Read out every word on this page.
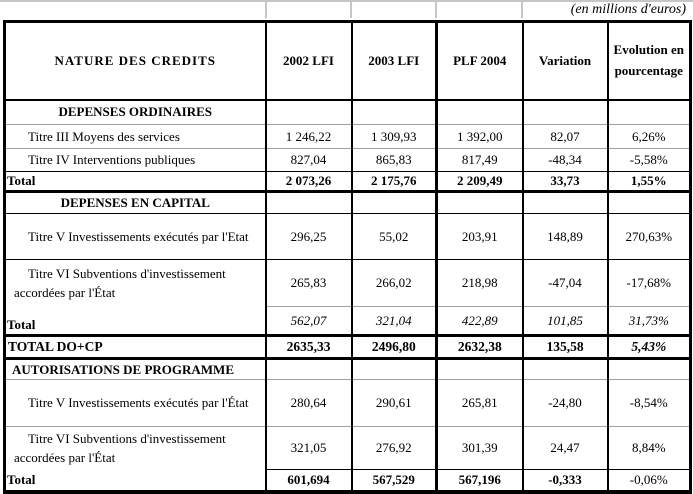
(en millions d'euros)
NATURE DES CREDITS	2002 LFI	2003 LFI	PLF 2004	Variation	Evolution en pourcentage
DEPENSES ORDINAIRES					
Titre III Moyens des services	1 246,22	1 309,93	1 392,00	82,07	6,26%
Titre IV Interventions publiques	827,04	865,83	817,49	-48,34	-5,58%
Total	2 073,26	2 175,76	2 209,49	33,73	1,55%
DEPENSES EN CAPITAL					
Titre V Investissements exécutés par l'Etat	296,25	55,02	203,91	148,89	270,63%
Titre VI Subventions d'investissement accordées par l'État	265,83	266,02	218,98	-47,04	-17,68%
Total	562,07	321,04	422,89	101,85	31,73%
TOTAL DO+CP	2635,33	2496,80	2632,38	135,58	5,43%
AUTORISATIONS DE PROGRAMME					
Titre V Investissements exécutés par l'État	280,64	290,61	265,81	-24,80	-8,54%
Titre VI Subventions d'investissement accordées par l'État	321,05	276,92	301,39	24,47	8,84%
Total	601,694	567,529	567,196	-0,333	-0,06%
